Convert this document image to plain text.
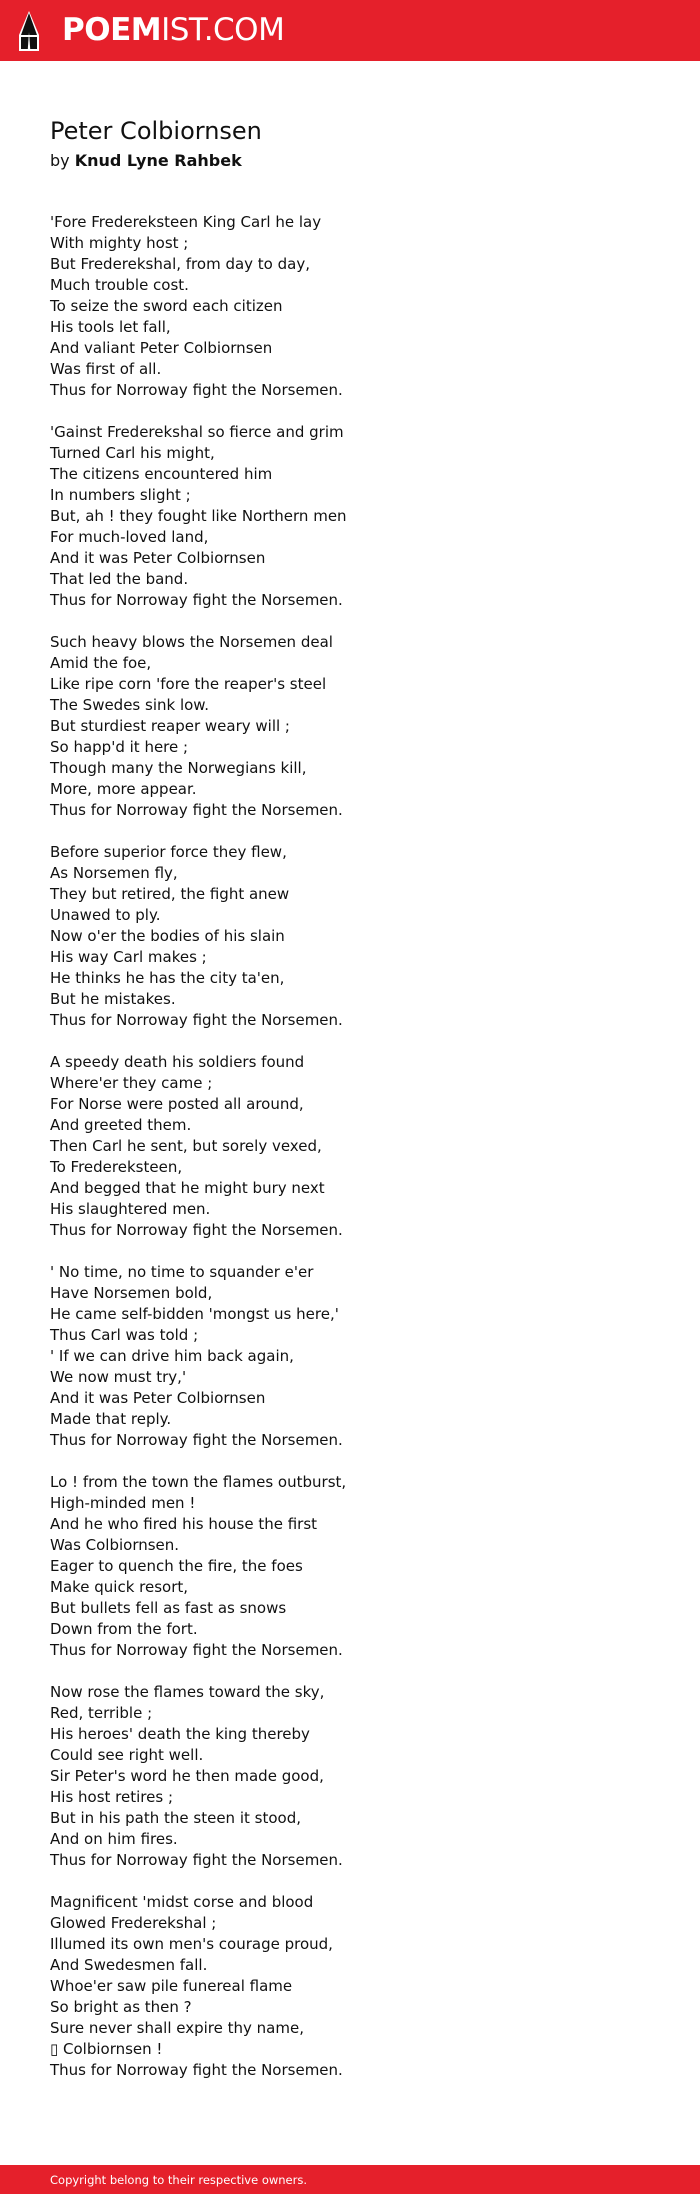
POEMIST.COM
Peter Colbiornsen

by Knud Lyne Rahbek

'Fore Fredereksteen King Carl he lay
With mighty host ;
But Frederekshal, from day to day,
Much trouble cost.
To seize the sword each citizen
His tools let fall,
And valiant Peter Colbiornsen
Was first of all.
Thus for Norroway fight the Norsemen.
'Gainst Frederekshal so fierce and grim
Turned Carl his might,
The citizens encountered him
In numbers slight ;
But, ah ! they fought like Northern men
For much-loved land,
And it was Peter Colbiornsen
That led the band.
Thus for Norroway fight the Norsemen.
Such heavy blows the Norsemen deal
Amid the foe,
Like ripe corn 'fore the reaper's steel
The Swedes sink low.
But sturdiest reaper weary will ;
So happ'd it here ;
Though many the Norwegians kill,
More, more appear.
Thus for Norroway fight the Norsemen.
Before superior force they flew,
As Norsemen fly,
They but retired, the fight anew
Unawed to ply.
Now o'er the bodies of his slain
His way Carl makes ;
He thinks he has the city ta'en,
But he mistakes.
Thus for Norroway fight the Norsemen.
A speedy death his soldiers found
Where'er they came ;
For Norse were posted all around,
And greeted them.
Then Carl he sent, but sorely vexed,
To Fredereksteen,
And begged that he might bury next
His slaughtered men.
Thus for Norroway fight the Norsemen.
' No time, no time to squander e'er
Have Norsemen bold,
He came self-bidden 'mongst us here,'
Thus Carl was told ;
' If we can drive him back again,
We now must try,'
And it was Peter Colbiornsen
Made that reply.
Thus for Norroway fight the Norsemen.
Lo ! from the town the flames outburst,
High-minded men !
And he who fired his house the first
Was Colbiornsen.
Eager to quench the fire, the foes
Make quick resort,
But bullets fell as fast as snows
Down from the fort.
Thus for Norroway fight the Norsemen.
Now rose the flames toward the sky,
Red, terrible ;
His heroes' death the king thereby
Could see right well.
Sir Peter's word he then made good,
His host retires ;
But in his path the steen it stood,
And on him fires.
Thus for Norroway fight the Norsemen.
Magnificent 'midst corse and blood
Glowed Frederekshal ;
Illumed its own men's courage proud,
And Swedesmen fall.
Whoe'er saw pile funereal flame
So bright as then ?
Sure never shall expire thy name,
▯ Colbiornsen !
Thus for Norroway fight the Norsemen.
Copyright belong to their respective owners.
